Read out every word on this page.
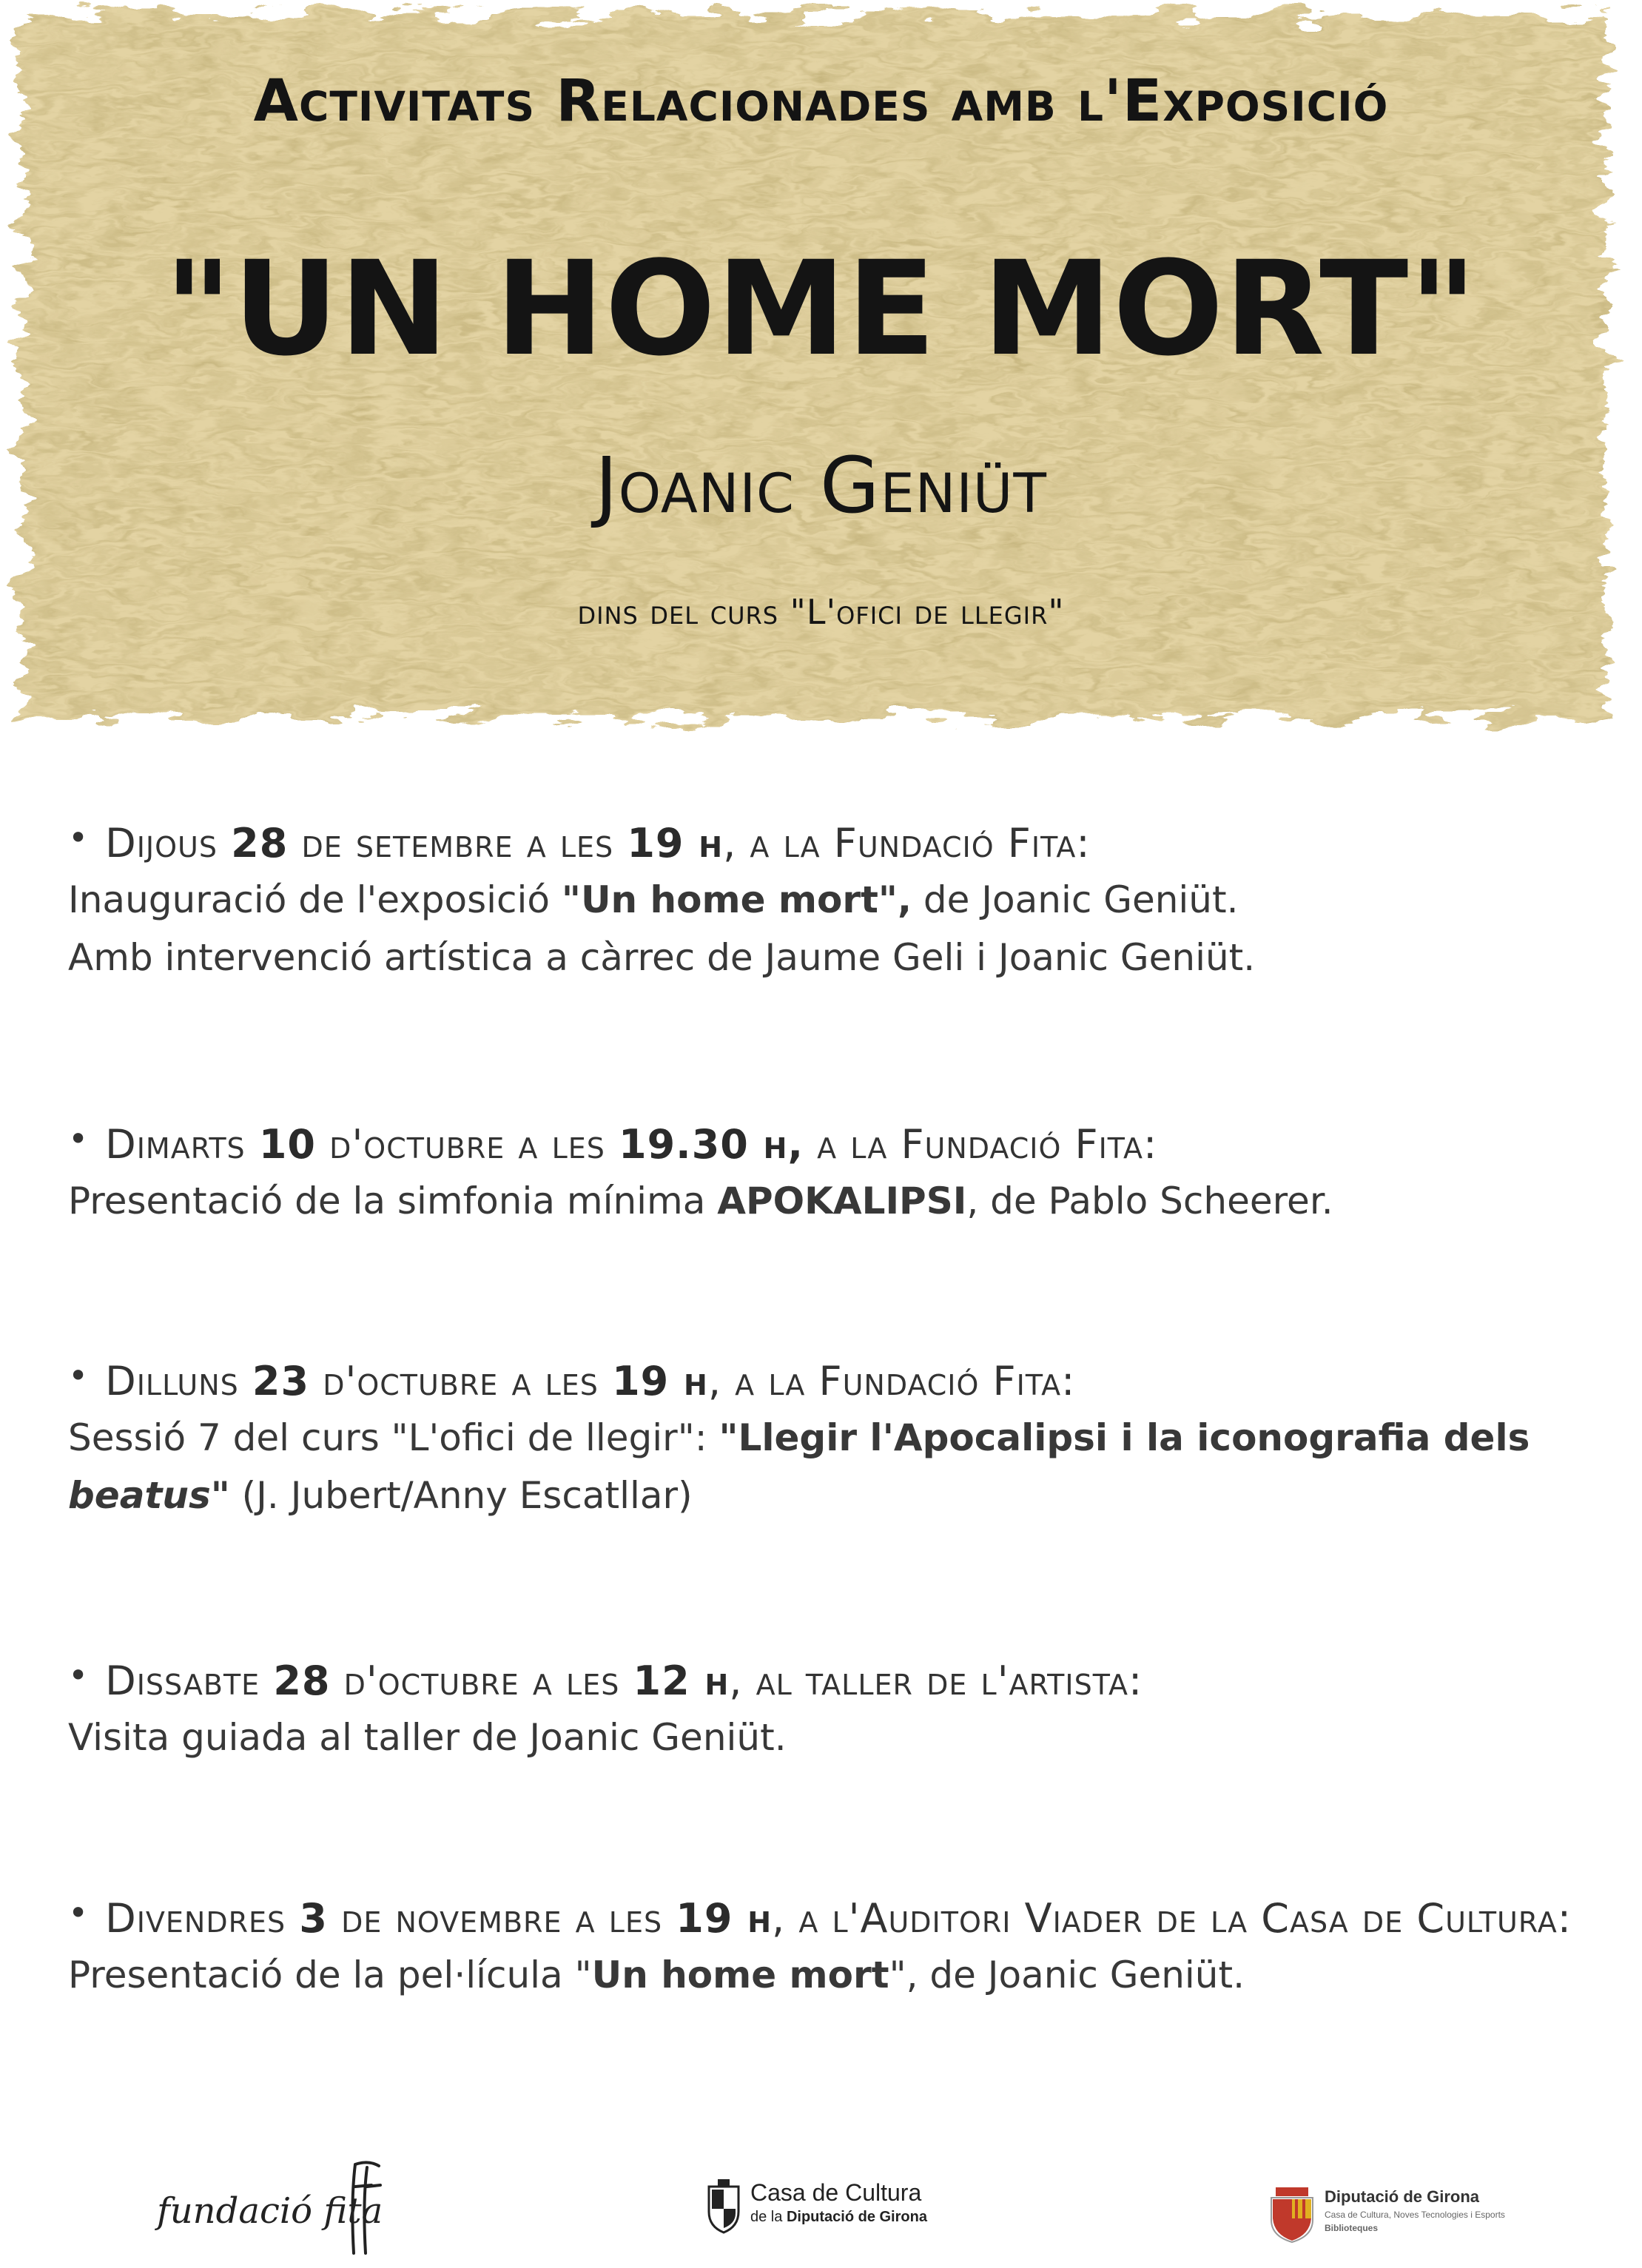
Activitats Relacionades amb l'Exposició
"UN HOME MORT"
Joanic Geniüt
dins del curs "L'ofici de llegir"
• Dijous 28 de setembre a les 19 h, a la Fundació Fita:
Inauguració de l'exposició "Un home mort", de Joanic Geniüt.
Amb intervenció artística a càrrec de Jaume Geli i Joanic Geniüt.
• Dimarts 10 d'octubre a les 19.30 h, a la Fundació Fita:
Presentació de la simfonia mínima APOKALIPSI, de Pablo Scheerer.
• Dilluns 23 d'octubre a les 19 h, a la Fundació Fita:
Sessió 7 del curs "L'ofici de llegir": "Llegir l'Apocalipsi i la iconografia dels
beatus" (J. Jubert/Anny Escatllar)
• Dissabte 28 d'octubre a les 12 h, al taller de l'artista:
Visita guiada al taller de Joanic Geniüt.
• Divendres 3 de novembre a les 19 h, a l'Auditori Viader de la Casa de Cultura:
Presentació de la pel·lícula "Un home mort", de Joanic Geniüt.
fundació fita	Casa de Cultura
de la Diputació de Girona
Diputació de Girona
Casa de Cultura, Noves Tecnologies i Esports
Biblioteques
